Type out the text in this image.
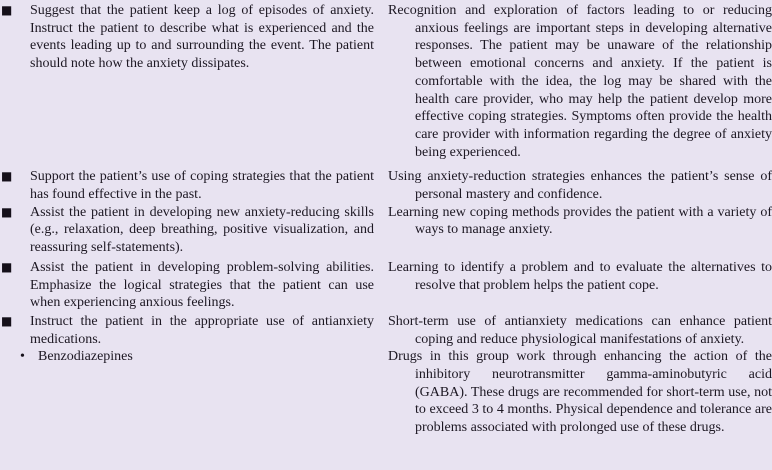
■ Suggest that the patient keep a log of episodes of anxiety. Instruct the patient to describe what is experienced and the events leading up to and surrounding the event. The patient should note how the anxiety dissipates.
Recognition and exploration of factors leading to or reducing anxious feelings are important steps in developing alternative responses. The patient may be unaware of the relationship between emotional concerns and anxiety. If the patient is comfortable with the idea, the log may be shared with the health care provider, who may help the patient develop more effective coping strategies. Symptoms often provide the health care provider with information regarding the degree of anxiety being experienced.
■ Support the patient’s use of coping strategies that the patient has found effective in the past.
Using anxiety-reduction strategies enhances the patient’s sense of personal mastery and confidence.
■ Assist the patient in developing new anxiety-reducing skills (e.g., relaxation, deep breathing, positive visualization, and reassuring self-statements).
Learning new coping methods provides the patient with a variety of ways to manage anxiety.
■ Assist the patient in developing problem-solving abilities. Emphasize the logical strategies that the patient can use when experiencing anxious feelings.
Learning to identify a problem and to evaluate the alternatives to resolve that problem helps the patient cope.
■ Instruct the patient in the appropriate use of antianxiety medications.
Short-term use of antianxiety medications can enhance patient coping and reduce physiological manifestations of anxiety.
• Benzodiazepines	Drugs in this group work through enhancing the action of the inhibitory neurotransmitter gamma-aminobutyric acid (GABA). These drugs are recommended for short-term use, not to exceed 3 to 4 months. Physical dependence and tolerance are problems associated with prolonged use of these drugs.
